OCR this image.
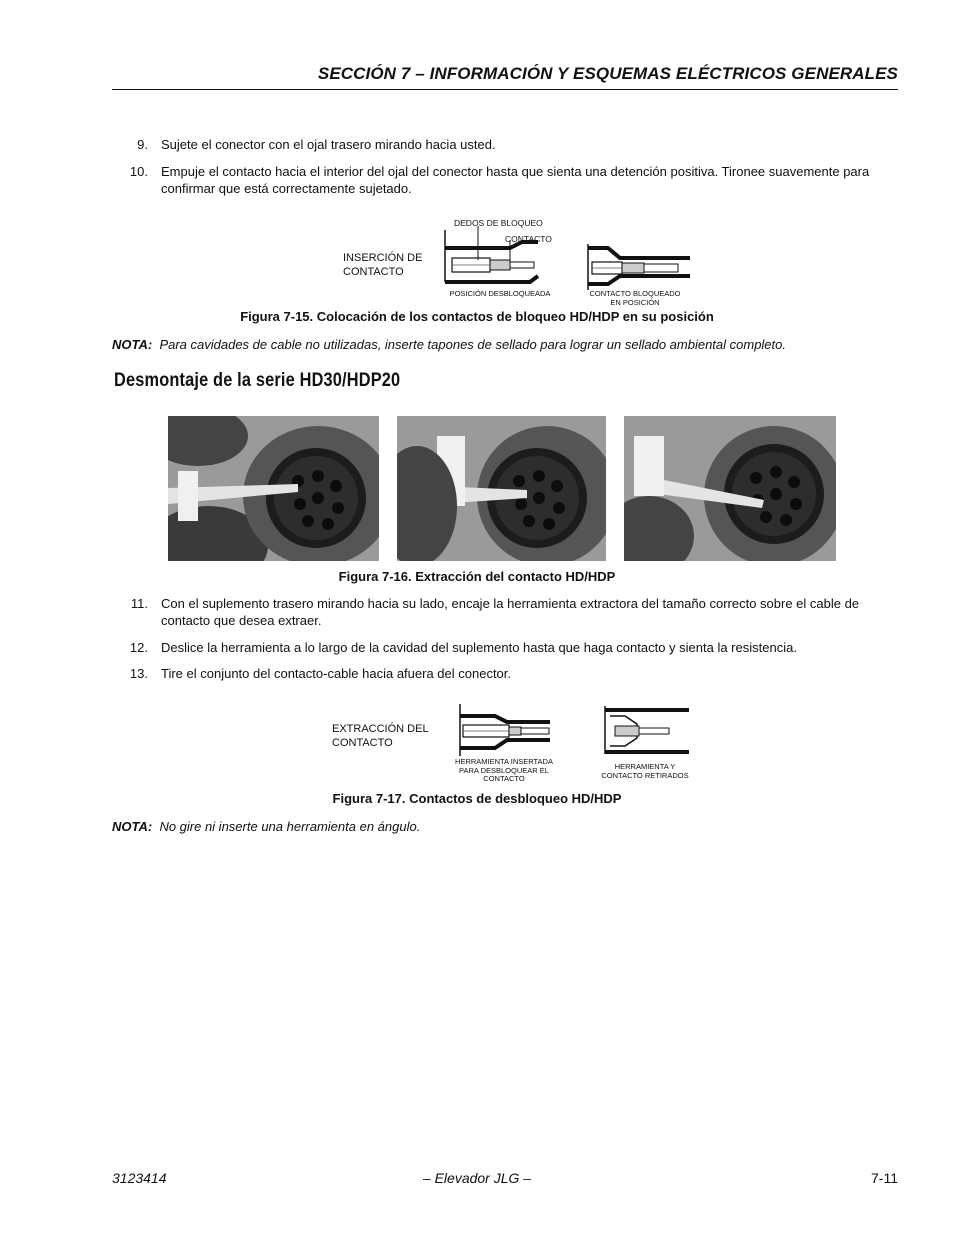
SECCIÓN 7 – INFORMACIÓN Y ESQUEMAS ELÉCTRICOS GENERALES
9. Sujete el conector con el ojal trasero mirando hacia usted.
10. Empuje el contacto hacia el interior del ojal del conector hasta que sienta una detención positiva. Tironee suavemente para confirmar que está correctamente sujetado.
INSERCIÓN DE
CONTACTO
DEDOS DE BLOQUEO
CONTACTO
POSICIÓN DESBLOQUEADA	CONTACTO BLOQUEADO
EN POSICIÓN
Figura 7-15. Colocación de los contactos de bloqueo HD/HDP en su posición
NOTA: Para cavidades de cable no utilizadas, inserte tapones de sellado para lograr un sellado ambiental completo.
Desmontaje de la serie HD30/HDP20
Figura 7-16. Extracción del contacto HD/HDP
11. Con el suplemento trasero mirando hacia su lado, encaje la herramienta extractora del tamaño correcto sobre el cable de contacto que desea extraer.
12. Deslice la herramienta a lo largo de la cavidad del suplemento hasta que haga contacto y sienta la resistencia.
13. Tire el conjunto del contacto-cable hacia afuera del conector.
EXTRACCIÓN DEL
CONTACTO
HERRAMIENTA INSERTADA
PARA DESBLOQUEAR EL
CONTACTO
HERRAMIENTA Y
CONTACTO RETIRADOS
Figura 7-17. Contactos de desbloqueo HD/HDP
NOTA: No gire ni inserte una herramienta en ángulo.
3123414	– Elevador JLG –	7-11
